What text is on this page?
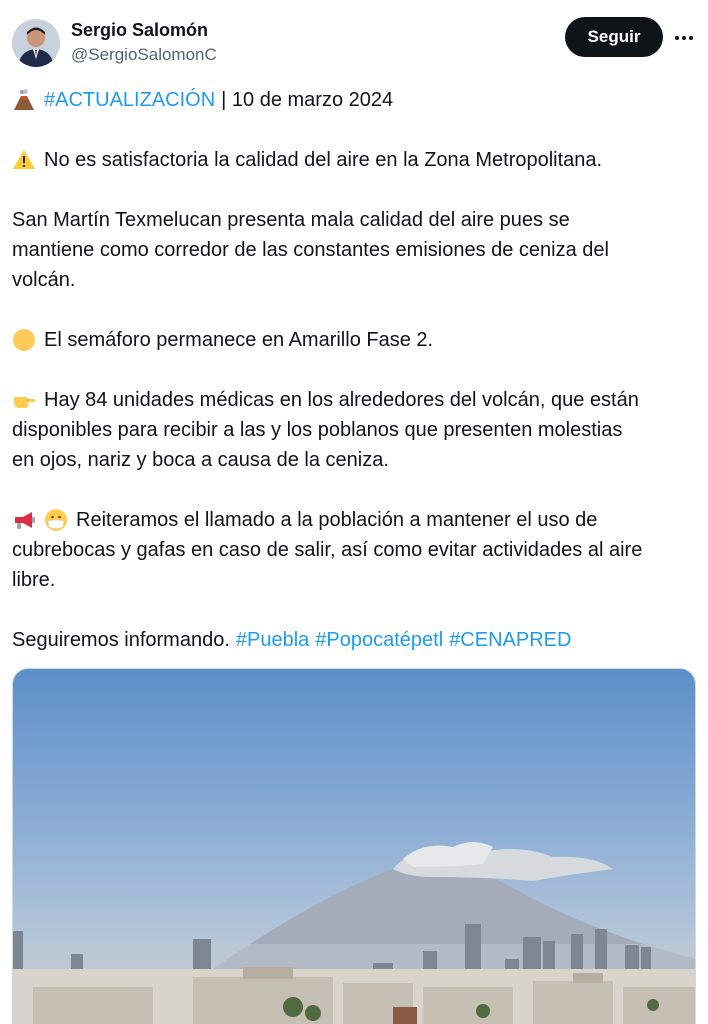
Sergio Salomón
@SergioSalomonC
Seguir
#ACTUALIZACIÓN | 10 de marzo 2024
No es satisfactoria la calidad del aire en la Zona Metropolitana.
San Martín Texmelucan presenta mala calidad del aire pues se
mantiene como corredor de las constantes emisiones de ceniza del
volcán.
El semáforo permanece en Amarillo Fase 2.
Hay 84 unidades médicas en los alrededores del volcán, que están
disponibles para recibir a las y los poblanos que presenten molestias
en ojos, nariz y boca a causa de la ceniza.
Reiteramos el llamado a la población a mantener el uso de
cubrebocas y gafas en caso de salir, así como evitar actividades al aire
libre.
Seguiremos informando. #Puebla #Popocatépetl #CENAPRED
